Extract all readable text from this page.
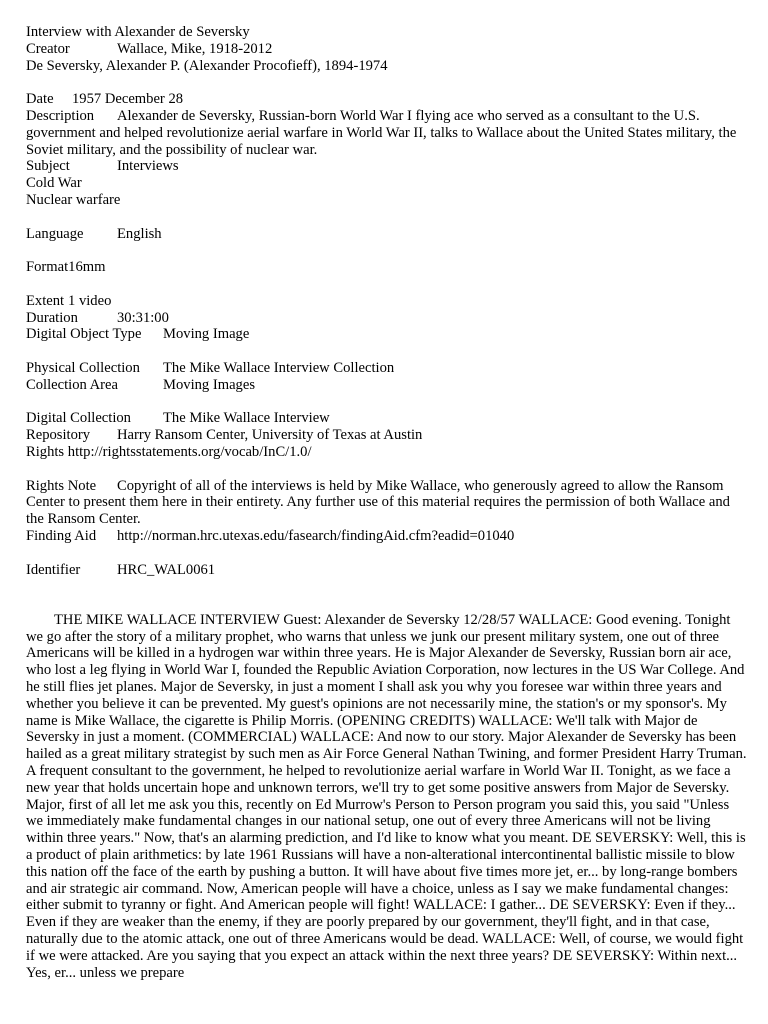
Interview with Alexander de Seversky
Creator	Wallace, Mike, 1918-2012
De Seversky, Alexander P. (Alexander Procofieff), 1894-1974
Date 1957 December 28
Description Alexander de Seversky, Russian-born World War I flying ace who served as a consultant to the U.S. government and helped revolutionize aerial warfare in World War II, talks to Wallace about the United States military, the Soviet military, and the possibility of nuclear war.
Subject	Interviews
Cold War
Nuclear warfare
Language English
Format16mm
Extent 1 video
Duration	30:31:00
Digital Object Type Moving Image
Physical Collection The Mike Wallace Interview Collection
Collection Area	Moving Images
Digital Collection The Mike Wallace Interview
Repository Harry Ransom Center, University of Texas at Austin
Rights http://rightsstatements.org/vocab/InC/1.0/
Rights Note Copyright of all of the interviews is held by Mike Wallace, who generously agreed to allow the Ransom Center to present them here in their entirety. Any further use of this material requires the permission of both Wallace and the Ransom Center.
Finding Aid http://norman.hrc.utexas.edu/fasearch/findingAid.cfm?eadid=01040
Identifier	HRC_WAL0061
THE MIKE WALLACE INTERVIEW Guest: Alexander de Seversky 12/28/57 WALLACE: Good evening. Tonight we go after the story of a military prophet, who warns that unless we junk our present military system, one out of three Americans will be killed in a hydrogen war within three years. He is Major Alexander de Seversky, Russian born air ace, who lost a leg flying in World War I, founded the Republic Aviation Corporation, now lectures in the US War College. And he still flies jet planes. Major de Seversky, in just a moment I shall ask you why you foresee war within three years and whether you believe it can be prevented. My guest's opinions are not necessarily mine, the station's or my sponsor's. My name is Mike Wallace, the cigarette is Philip Morris. (OPENING CREDITS) WALLACE: We'll talk with Major de Seversky in just a moment. (COMMERCIAL) WALLACE: And now to our story. Major Alexander de Seversky has been hailed as a great military strategist by such men as Air Force General Nathan Twining, and former President Harry Truman. A frequent consultant to the government, he helped to revolutionize aerial warfare in World War II. Tonight, as we face a new year that holds uncertain hope and unknown terrors, we'll try to get some positive answers from Major de Seversky. Major, first of all let me ask you this, recently on Ed Murrow's Person to Person program you said this, you said "Unless we immediately make fundamental changes in our national setup, one out of every three Americans will not be living within three years." Now, that's an alarming prediction, and I'd like to know what you meant. DE SEVERSKY: Well, this is a product of plain arithmetics: by late 1961 Russians will have a non-alterational intercontinental ballistic missile to blow this nation off the face of the earth by pushing a button. It will have about five times more jet, er... by long-range bombers and air strategic air command. Now, American people will have a choice, unless as I say we make fundamental changes: either submit to tyranny or fight. And American people will fight! WALLACE: I gather... DE SEVERSKY: Even if they... Even if they are weaker than the enemy, if they are poorly prepared by our government, they'll fight, and in that case, naturally due to the atomic attack, one out of three Americans would be dead. WALLACE: Well, of course, we would fight if we were attacked. Are you saying that you expect an attack within the next three years? DE SEVERSKY: Within next... Yes, er... unless we prepare
